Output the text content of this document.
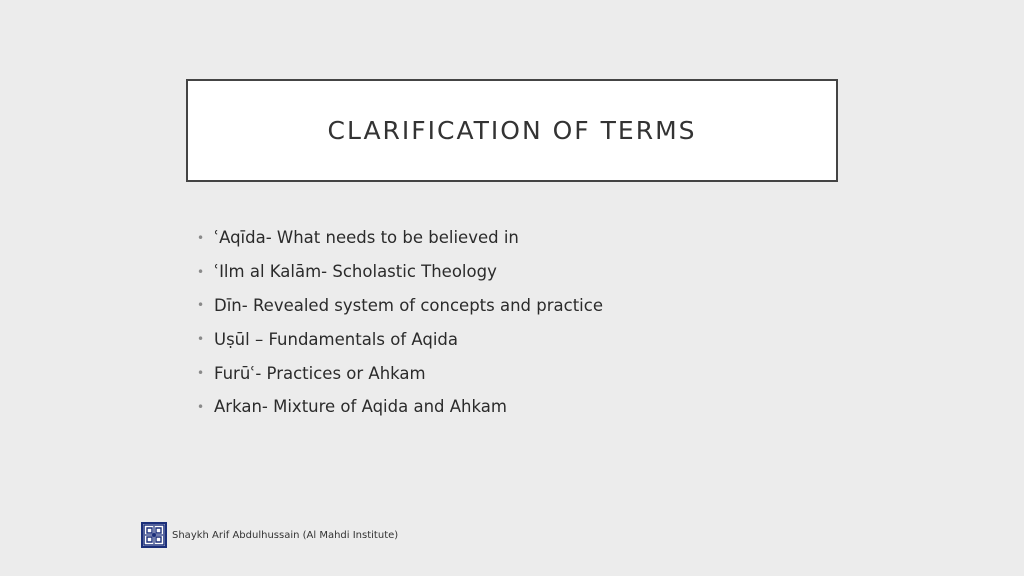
CLARIFICATION OF TERMS
• ʿAqīda- What needs to be believed in
• ʿIlm al Kalām- Scholastic Theology
• Dīn- Revealed system of concepts and practice
• Uṣūl – Fundamentals of Aqida
• Furūʿ- Practices or Ahkam
• Arkan- Mixture of Aqida and Ahkam
Shaykh Arif Abdulhussain (Al Mahdi Institute)
